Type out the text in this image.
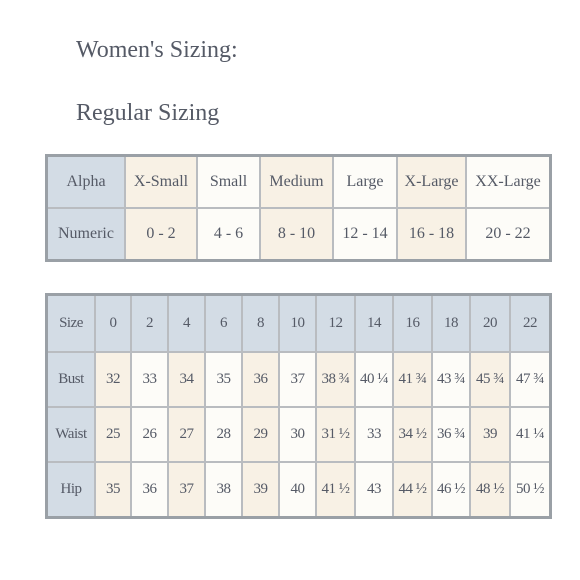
Women's Sizing:
Regular Sizing
Alpha	X-Small	Small	Medium	Large	X-Large	XX-Large
Numeric	0 - 2	4 - 6	8 - 10	12 - 14	16 - 18	20 - 22
Size	0	2	4	6	8	10	12	14	16	18	20	22
Bust	32	33	34	35	36	37	38 ¾	40 ¼	41 ¾	43 ¾	45 ¾	47 ¾
Waist	25	26	27	28	29	30	31 ½	33	34 ½	36 ¾	39	41 ¼
Hip	35	36	37	38	39	40	41 ½	43	44 ½	46 ½	48 ½	50 ½
